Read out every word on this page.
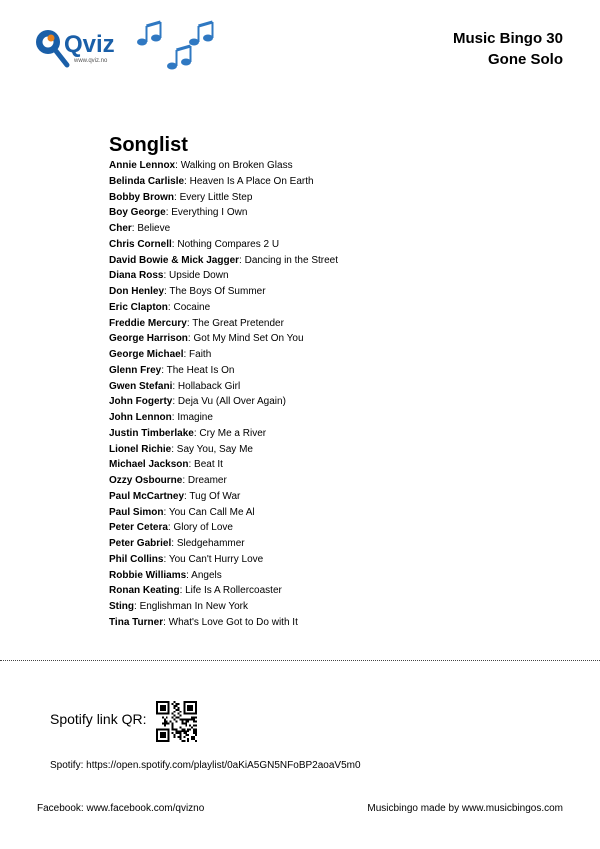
Qviz
www.qviz.no
Music Bingo 30
Gone Solo
Songlist
Annie Lennox: Walking on Broken Glass
Belinda Carlisle: Heaven Is A Place On Earth
Bobby Brown: Every Little Step
Boy George: Everything I Own
Cher: Believe
Chris Cornell: Nothing Compares 2 U
David Bowie & Mick Jagger: Dancing in the Street
Diana Ross: Upside Down
Don Henley: The Boys Of Summer
Eric Clapton: Cocaine
Freddie Mercury: The Great Pretender
George Harrison: Got My Mind Set On You
George Michael: Faith
Glenn Frey: The Heat Is On
Gwen Stefani: Hollaback Girl
John Fogerty: Deja Vu (All Over Again)
John Lennon: Imagine
Justin Timberlake: Cry Me a River
Lionel Richie: Say You, Say Me
Michael Jackson: Beat It
Ozzy Osbourne: Dreamer
Paul McCartney: Tug Of War
Paul Simon: You Can Call Me Al
Peter Cetera: Glory of Love
Peter Gabriel: Sledgehammer
Phil Collins: You Can't Hurry Love
Robbie Williams: Angels
Ronan Keating: Life Is A Rollercoaster
Sting: Englishman In New York
Tina Turner: What's Love Got to Do with It
Spotify link QR:
Spotify: https://open.spotify.com/playlist/0aKiA5GN5NFoBP2aoaV5m0
Facebook: www.facebook.com/qvizno	Musicbingo made by www.musicbingos.com
